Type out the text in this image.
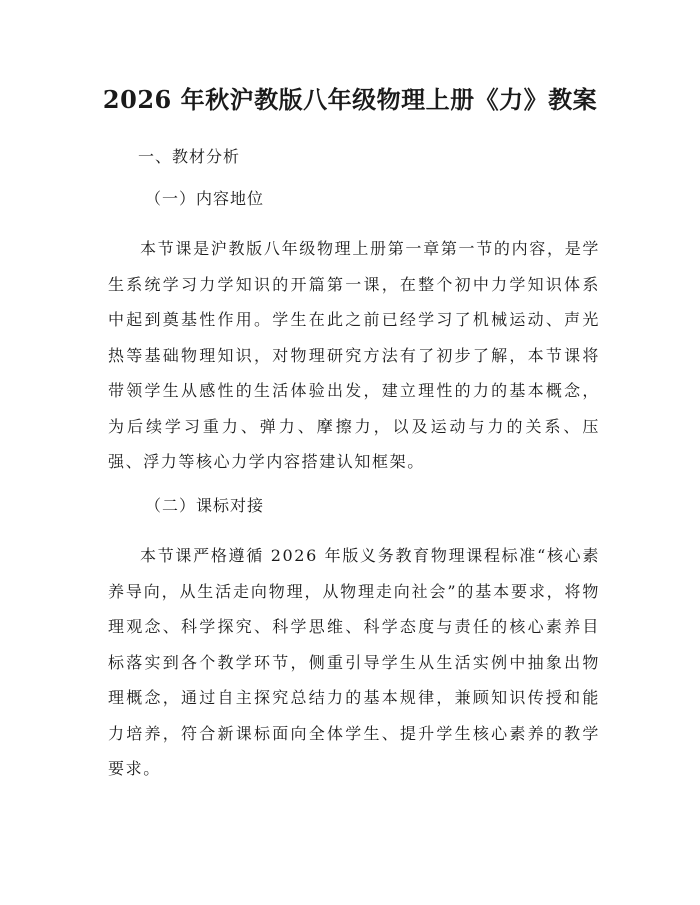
2026 年秋沪教版八年级物理上册《力》教案

一、教材分析

（一）内容地位

本节课是沪教版八年级物理上册第一章第一节的内容，是学生系统学习力学知识的开篇第一课，在整个初中力学知识体系中起到奠基性作用。学生在此之前已经学习了机械运动、声光热等基础物理知识，对物理研究方法有了初步了解，本节课将带领学生从感性的生活体验出发，建立理性的力的基本概念，为后续学习重力、弹力、摩擦力，以及运动与力的关系、压强、浮力等核心力学内容搭建认知框架。

（二）课标对接

本节课严格遵循 2026 年版义务教育物理课程标准“核心素养导向，从生活走向物理，从物理走向社会”的基本要求，将物理观念、科学探究、科学思维、科学态度与责任的核心素养目标落实到各个教学环节，侧重引导学生从生活实例中抽象出物理概念，通过自主探究总结力的基本规律，兼顾知识传授和能力培养，符合新课标面向全体学生、提升学生核心素养的教学要求。
